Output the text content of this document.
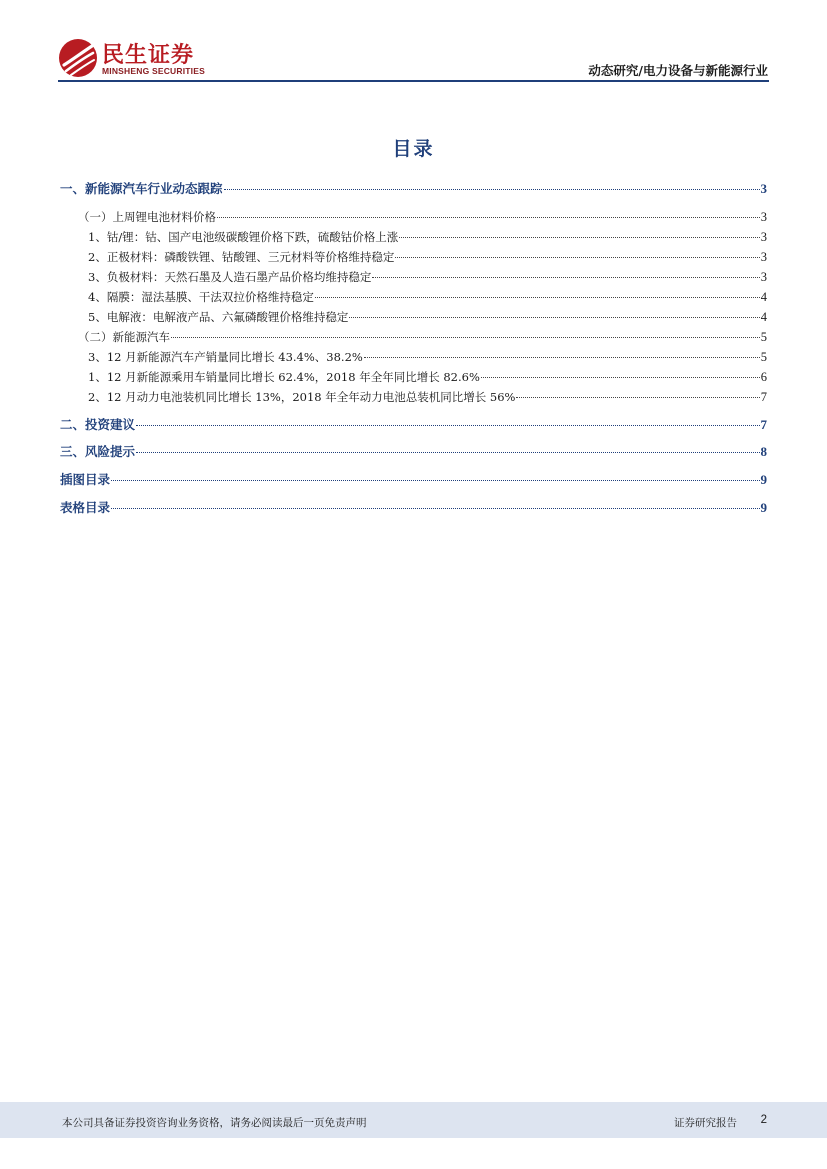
民生证券
MINSHENG SECURITIES	动态研究/电力设备与新能源行业
目录
一、新能源汽车行业动态跟踪	3
（一）上周锂电池材料价格	3
1、钴/锂：钴、国产电池级碳酸锂价格下跌，硫酸钴价格上涨	3
2、正极材料：磷酸铁锂、钴酸锂、三元材料等价格维持稳定	3
3、负极材料：天然石墨及人造石墨产品价格均维持稳定	3
4、隔膜：湿法基膜、干法双拉价格维持稳定	4
5、电解液：电解液产品、六氟磷酸锂价格维持稳定	4
（二）新能源汽车	5
3、12 月新能源汽车产销量同比增长 43.4%、38.2%	5
1、12 月新能源乘用车销量同比增长 62.4%，2018 年全年同比增长 82.6%	6
2、12 月动力电池装机同比增长 13%，2018 年全年动力电池总装机同比增长 56%	7
二、投资建议	7
三、风险提示	8
插图目录	9
表格目录	9
本公司具备证券投资咨询业务资格，请务必阅读最后一页免责声明	证券研究报告 2
